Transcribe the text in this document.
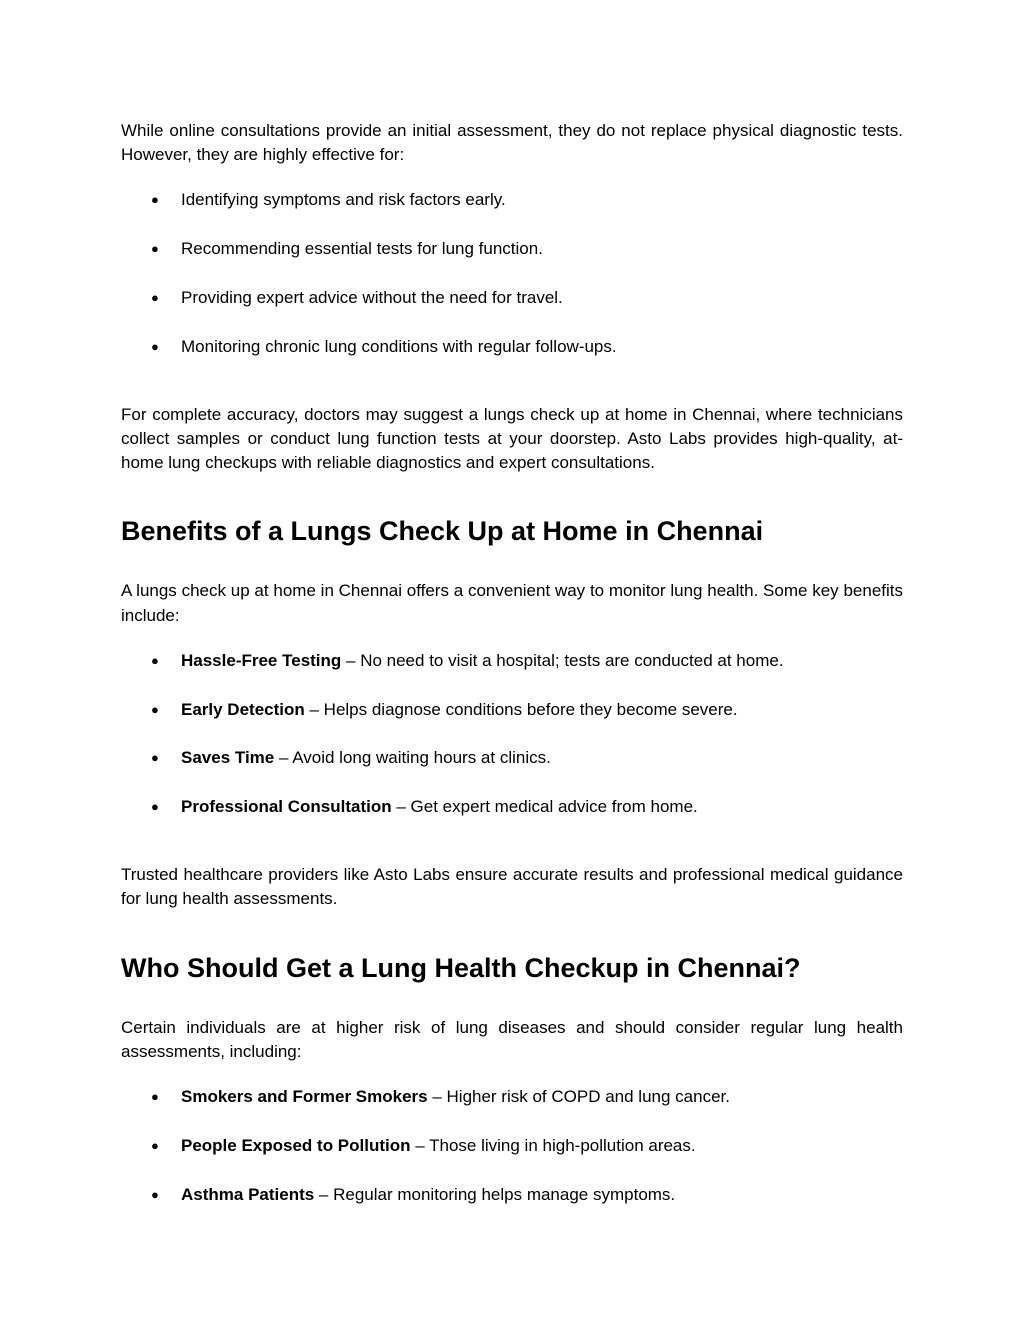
While online consultations provide an initial assessment, they do not replace physical diagnostic tests. However, they are highly effective for:

● Identifying symptoms and risk factors early.
● Recommending essential tests for lung function.
● Providing expert advice without the need for travel.
● Monitoring chronic lung conditions with regular follow-ups.

For complete accuracy, doctors may suggest a lungs check up at home in Chennai, where technicians collect samples or conduct lung function tests at your doorstep. Asto Labs provides high-quality, at-home lung checkups with reliable diagnostics and expert consultations.

Benefits of a Lungs Check Up at Home in Chennai

A lungs check up at home in Chennai offers a convenient way to monitor lung health. Some key benefits include:

● Hassle-Free Testing – No need to visit a hospital; tests are conducted at home.
● Early Detection – Helps diagnose conditions before they become severe.
● Saves Time – Avoid long waiting hours at clinics.
● Professional Consultation – Get expert medical advice from home.

Trusted healthcare providers like Asto Labs ensure accurate results and professional medical guidance for lung health assessments.

Who Should Get a Lung Health Checkup in Chennai?

Certain individuals are at higher risk of lung diseases and should consider regular lung health assessments, including:

● Smokers and Former Smokers – Higher risk of COPD and lung cancer.
● People Exposed to Pollution – Those living in high-pollution areas.
● Asthma Patients – Regular monitoring helps manage symptoms.
